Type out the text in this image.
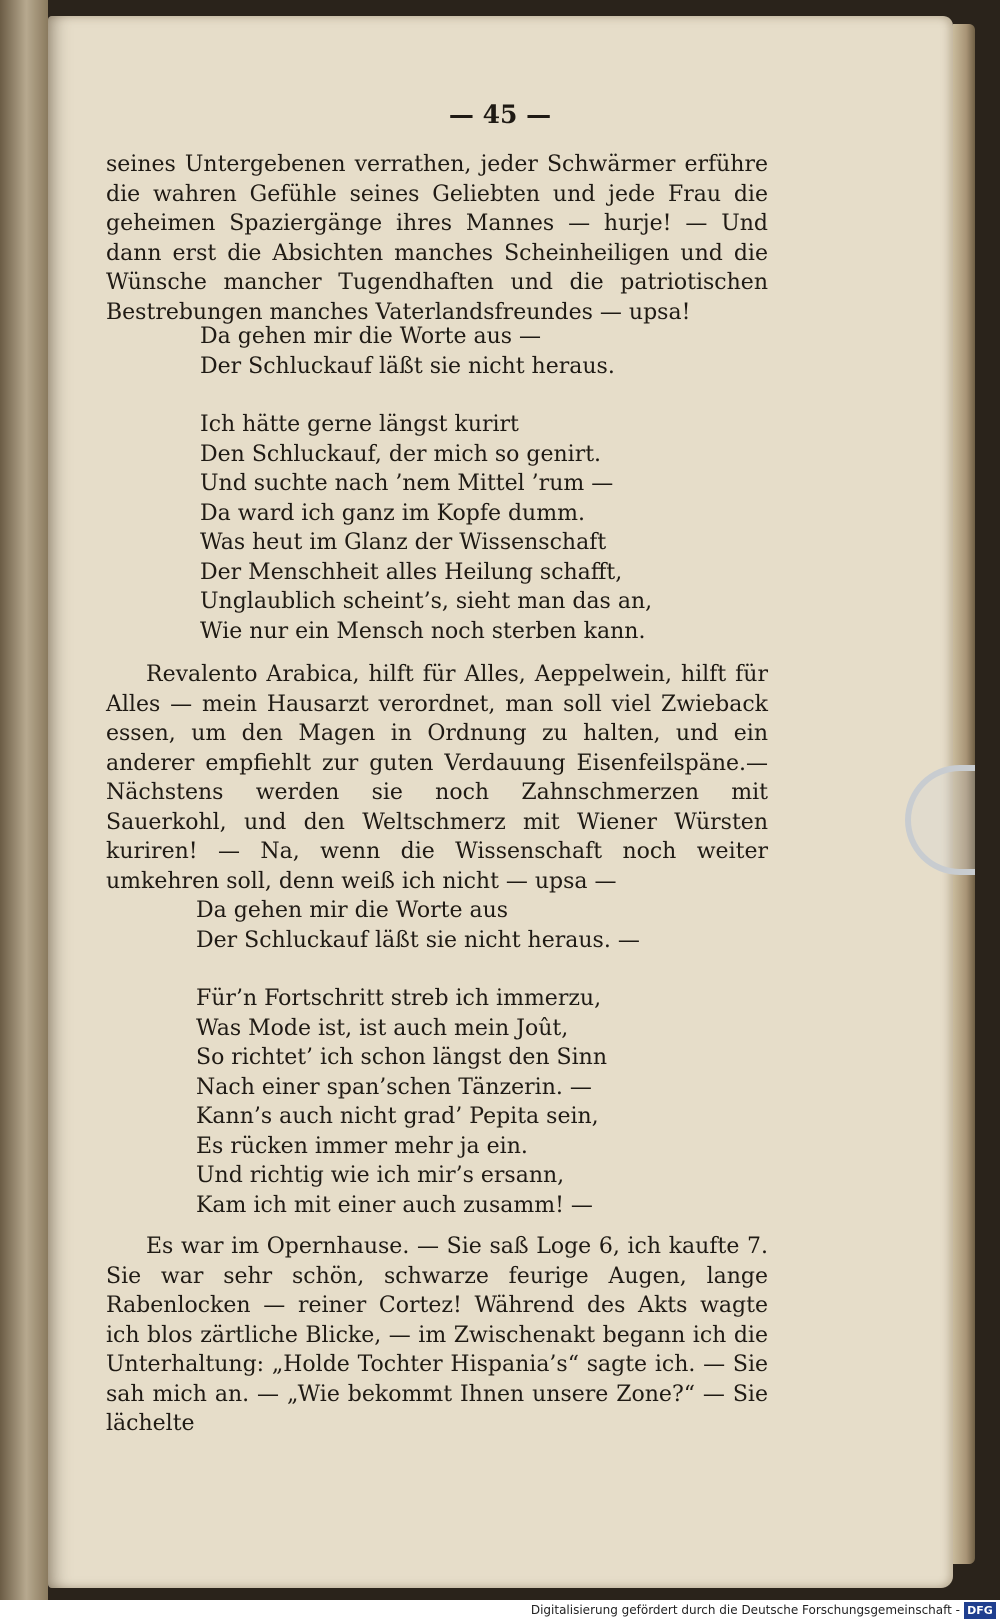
— 45 —

seines Untergebenen verrathen, jeder Schwärmer erführe die wahren Gefühle seines Geliebten und jede Frau die geheimen Spaziergänge ihres Mannes — hurje! — Und dann erst die Absichten manches Scheinheiligen und die Wünsche mancher Tugendhaften und die patriotischen Bestrebungen manches Vaterlandsfreundes — upsa!

Da gehen mir die Worte aus —
Der Schluckauf läßt sie nicht heraus.
Ich hätte gerne längst kurirt
Den Schluckauf, der mich so genirt.
Und suchte nach ’nem Mittel ’rum —
Da ward ich ganz im Kopfe dumm.
Was heut im Glanz der Wissenschaft
Der Menschheit alles Heilung schafft,
Unglaublich scheint’s, sieht man das an,
Wie nur ein Mensch noch sterben kann.

Revalento Arabica, hilft für Alles, Aeppelwein, hilft für Alles — mein Hausarzt verordnet, man soll viel Zwieback essen, um den Magen in Ordnung zu halten, und ein anderer empfiehlt zur guten Verdauung Eisenfeilspäne.— Nächstens werden sie noch Zahnschmerzen mit Sauerkohl, und den Weltschmerz mit Wiener Würsten kuriren! — Na, wenn die Wissenschaft noch weiter umkehren soll, denn weiß ich nicht — upsa —

Da gehen mir die Worte aus
Der Schluckauf läßt sie nicht heraus. —
Für’n Fortschritt streb ich immerzu,
Was Mode ist, ist auch mein Joût,
So richtet’ ich schon längst den Sinn
Nach einer span’schen Tänzerin. —
Kann’s auch nicht grad’ Pepita sein,
Es rücken immer mehr ja ein.
Und richtig wie ich mir’s ersann,
Kam ich mit einer auch zusamm! —

Es war im Opernhause. — Sie saß Loge 6, ich kaufte 7. Sie war sehr schön, schwarze feurige Augen, lange Rabenlocken — reiner Cortez! Während des Akts wagte ich blos zärtliche Blicke, — im Zwischenakt begann ich die Unterhaltung: „Holde Tochter Hispania’s“ sagte ich. — Sie sah mich an. — „Wie bekommt Ihnen unsere Zone?“ — Sie lächelte

Digitalisierung gefördert durch die Deutsche Forschungsgemeinschaft - DFG
